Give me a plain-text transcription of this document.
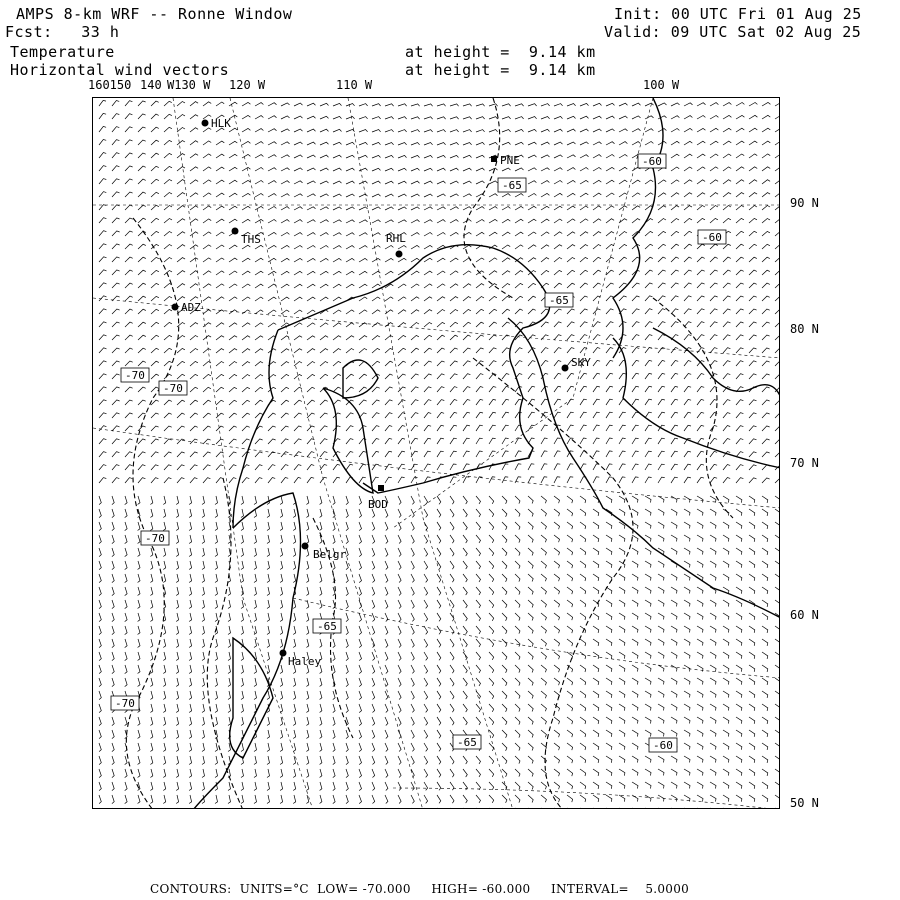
AMPS 8-km WRF -- Ronne Window
Fcst:   33 h
Init: 00 UTC Fri 01 Aug 25
Valid: 09 UTC Sat 02 Aug 25
Temperature
Horizontal wind vectors
at height =  9.14 km
at height =  9.14 km
160150 140 W130 W 120 W	110 W	100 W
90 N
80 N
70 N
60 N
50 N
-65
-60
-60
-65
-70
-70
-70
-65
-70
-65	-60
HLK
PNE
THS	RHL
ADZ
SKY
BOD
Belgr
Haley
CONTOURS:  UNITS=°C  LOW= -70.000     HIGH= -60.000     INTERVAL=    5.0000
